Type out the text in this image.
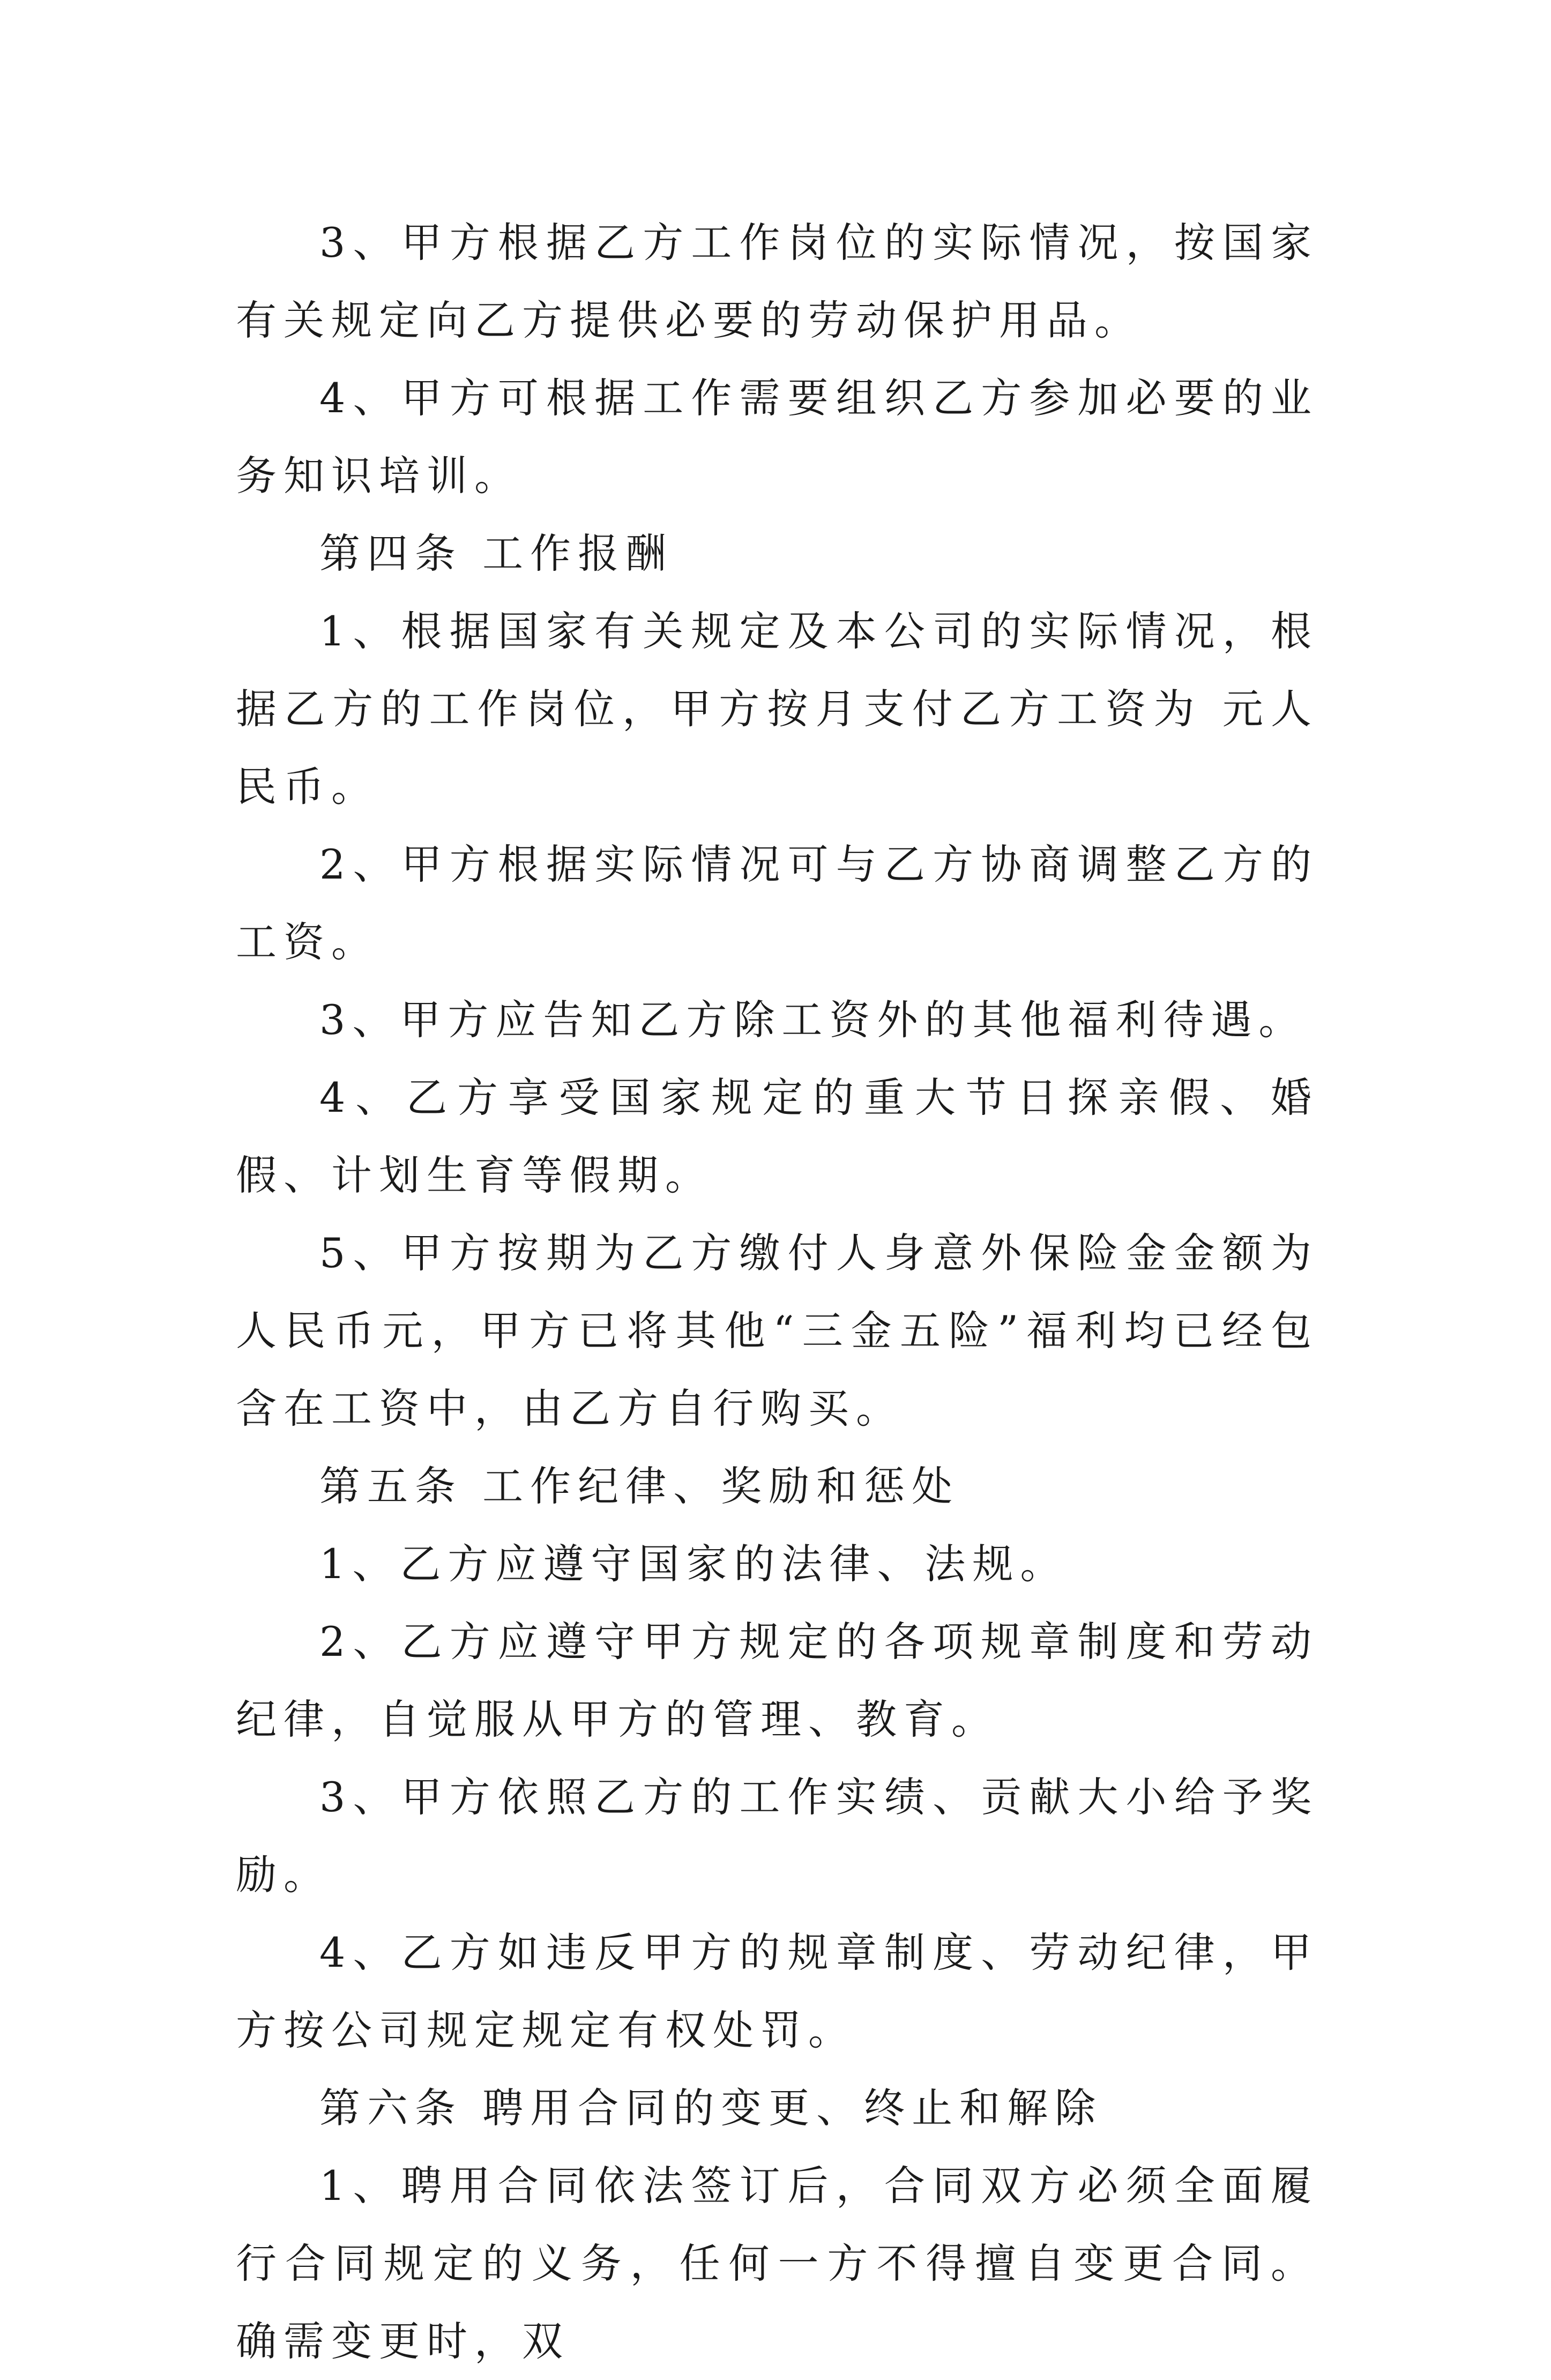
3、甲方根据乙方工作岗位的实际情况，按国家有关规定向乙方提供必要的劳动保护用品。

4、甲方可根据工作需要组织乙方参加必要的业务知识培训。

第四条 工作报酬

1、根据国家有关规定及本公司的实际情况，根据乙方的工作岗位，甲方按月支付乙方工资为 元人民币。

2、甲方根据实际情况可与乙方协商调整乙方的工资。

3、甲方应告知乙方除工资外的其他福利待遇。

4、乙方享受国家规定的重大节日探亲假、婚假、计划生育等假期。

5、甲方按期为乙方缴付人身意外保险金金额为人民币元，甲方已将其他“三金五险”福利均已经包含在工资中，由乙方自行购买。

第五条 工作纪律、奖励和惩处

1、乙方应遵守国家的法律、法规。

2、乙方应遵守甲方规定的各项规章制度和劳动纪律，自觉服从甲方的管理、教育。

3、甲方依照乙方的工作实绩、贡献大小给予奖励。

4、乙方如违反甲方的规章制度、劳动纪律，甲方按公司规定规定有权处罚。

第六条 聘用合同的变更、终止和解除

1、聘用合同依法签订后，合同双方必须全面履行合同规定的义务，任何一方不得擅自变更合同。确需变更时，双
